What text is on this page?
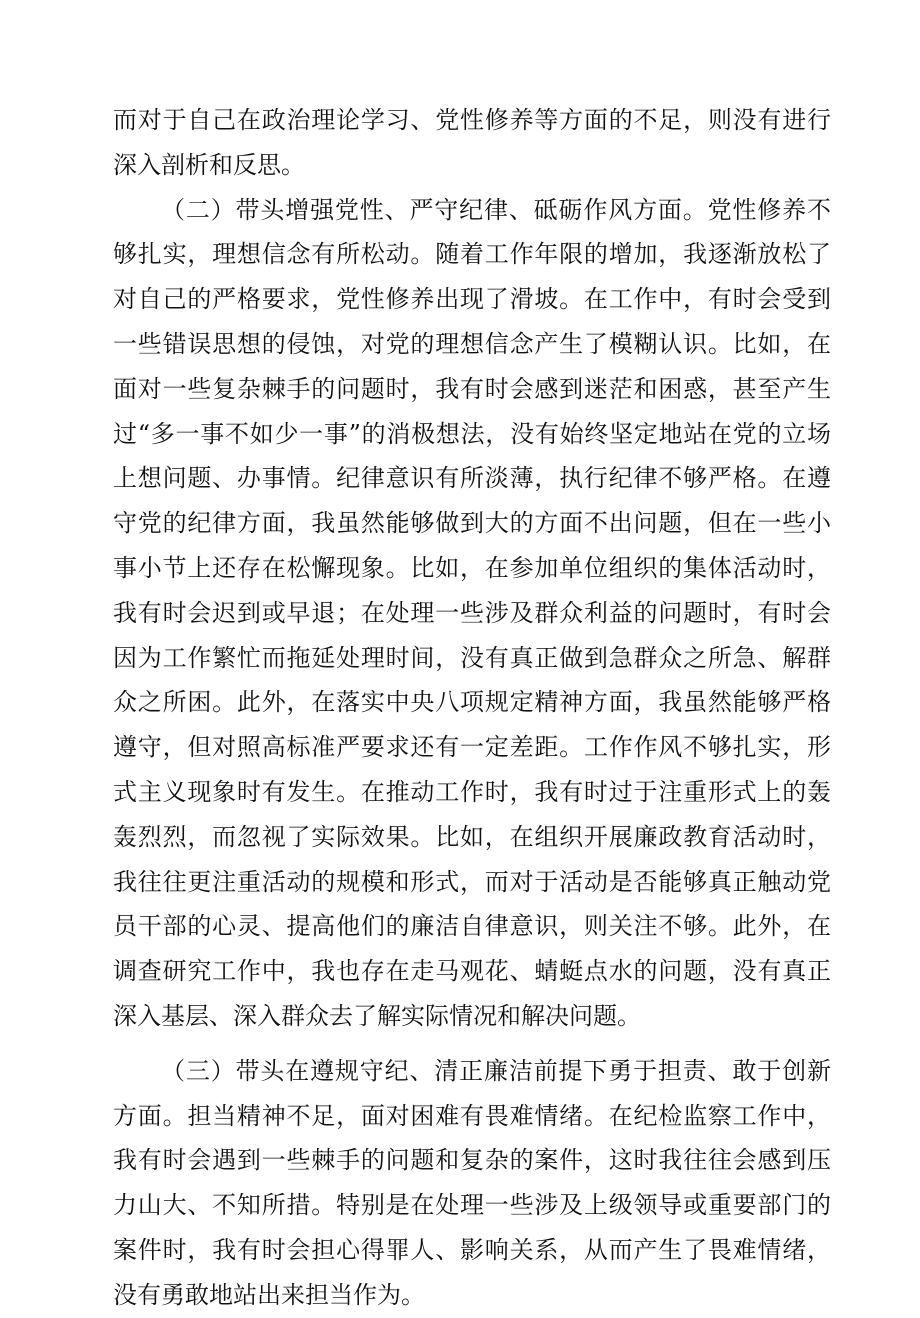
而对于自己在政治理论学习、党性修养等方面的不足，则没有进行深入剖析和反思。

（二）带头增强党性、严守纪律、砥砺作风方面。党性修养不够扎实，理想信念有所松动。随着工作年限的增加，我逐渐放松了对自己的严格要求，党性修养出现了滑坡。在工作中，有时会受到一些错误思想的侵蚀，对党的理想信念产生了模糊认识。比如，在面对一些复杂棘手的问题时，我有时会感到迷茫和困惑，甚至产生过“多一事不如少一事”的消极想法，没有始终坚定地站在党的立场上想问题、办事情。纪律意识有所淡薄，执行纪律不够严格。在遵守党的纪律方面，我虽然能够做到大的方面不出问题，但在一些小事小节上还存在松懈现象。比如，在参加单位组织的集体活动时，我有时会迟到或早退；在处理一些涉及群众利益的问题时，有时会因为工作繁忙而拖延处理时间，没有真正做到急群众之所急、解群众之所困。此外，在落实中央八项规定精神方面，我虽然能够严格遵守，但对照高标准严要求还有一定差距。工作作风不够扎实，形式主义现象时有发生。在推动工作时，我有时过于注重形式上的轰轰烈烈，而忽视了实际效果。比如，在组织开展廉政教育活动时，我往往更注重活动的规模和形式，而对于活动是否能够真正触动党员干部的心灵、提高他们的廉洁自律意识，则关注不够。此外，在调查研究工作中，我也存在走马观花、蜻蜓点水的问题，没有真正深入基层、深入群众去了解实际情况和解决问题。

（三）带头在遵规守纪、清正廉洁前提下勇于担责、敢于创新方面。担当精神不足，面对困难有畏难情绪。在纪检监察工作中，我有时会遇到一些棘手的问题和复杂的案件，这时我往往会感到压力山大、不知所措。特别是在处理一些涉及上级领导或重要部门的案件时，我有时会担心得罪人、影响关系，从而产生了畏难情绪，没有勇敢地站出来担当作为。
